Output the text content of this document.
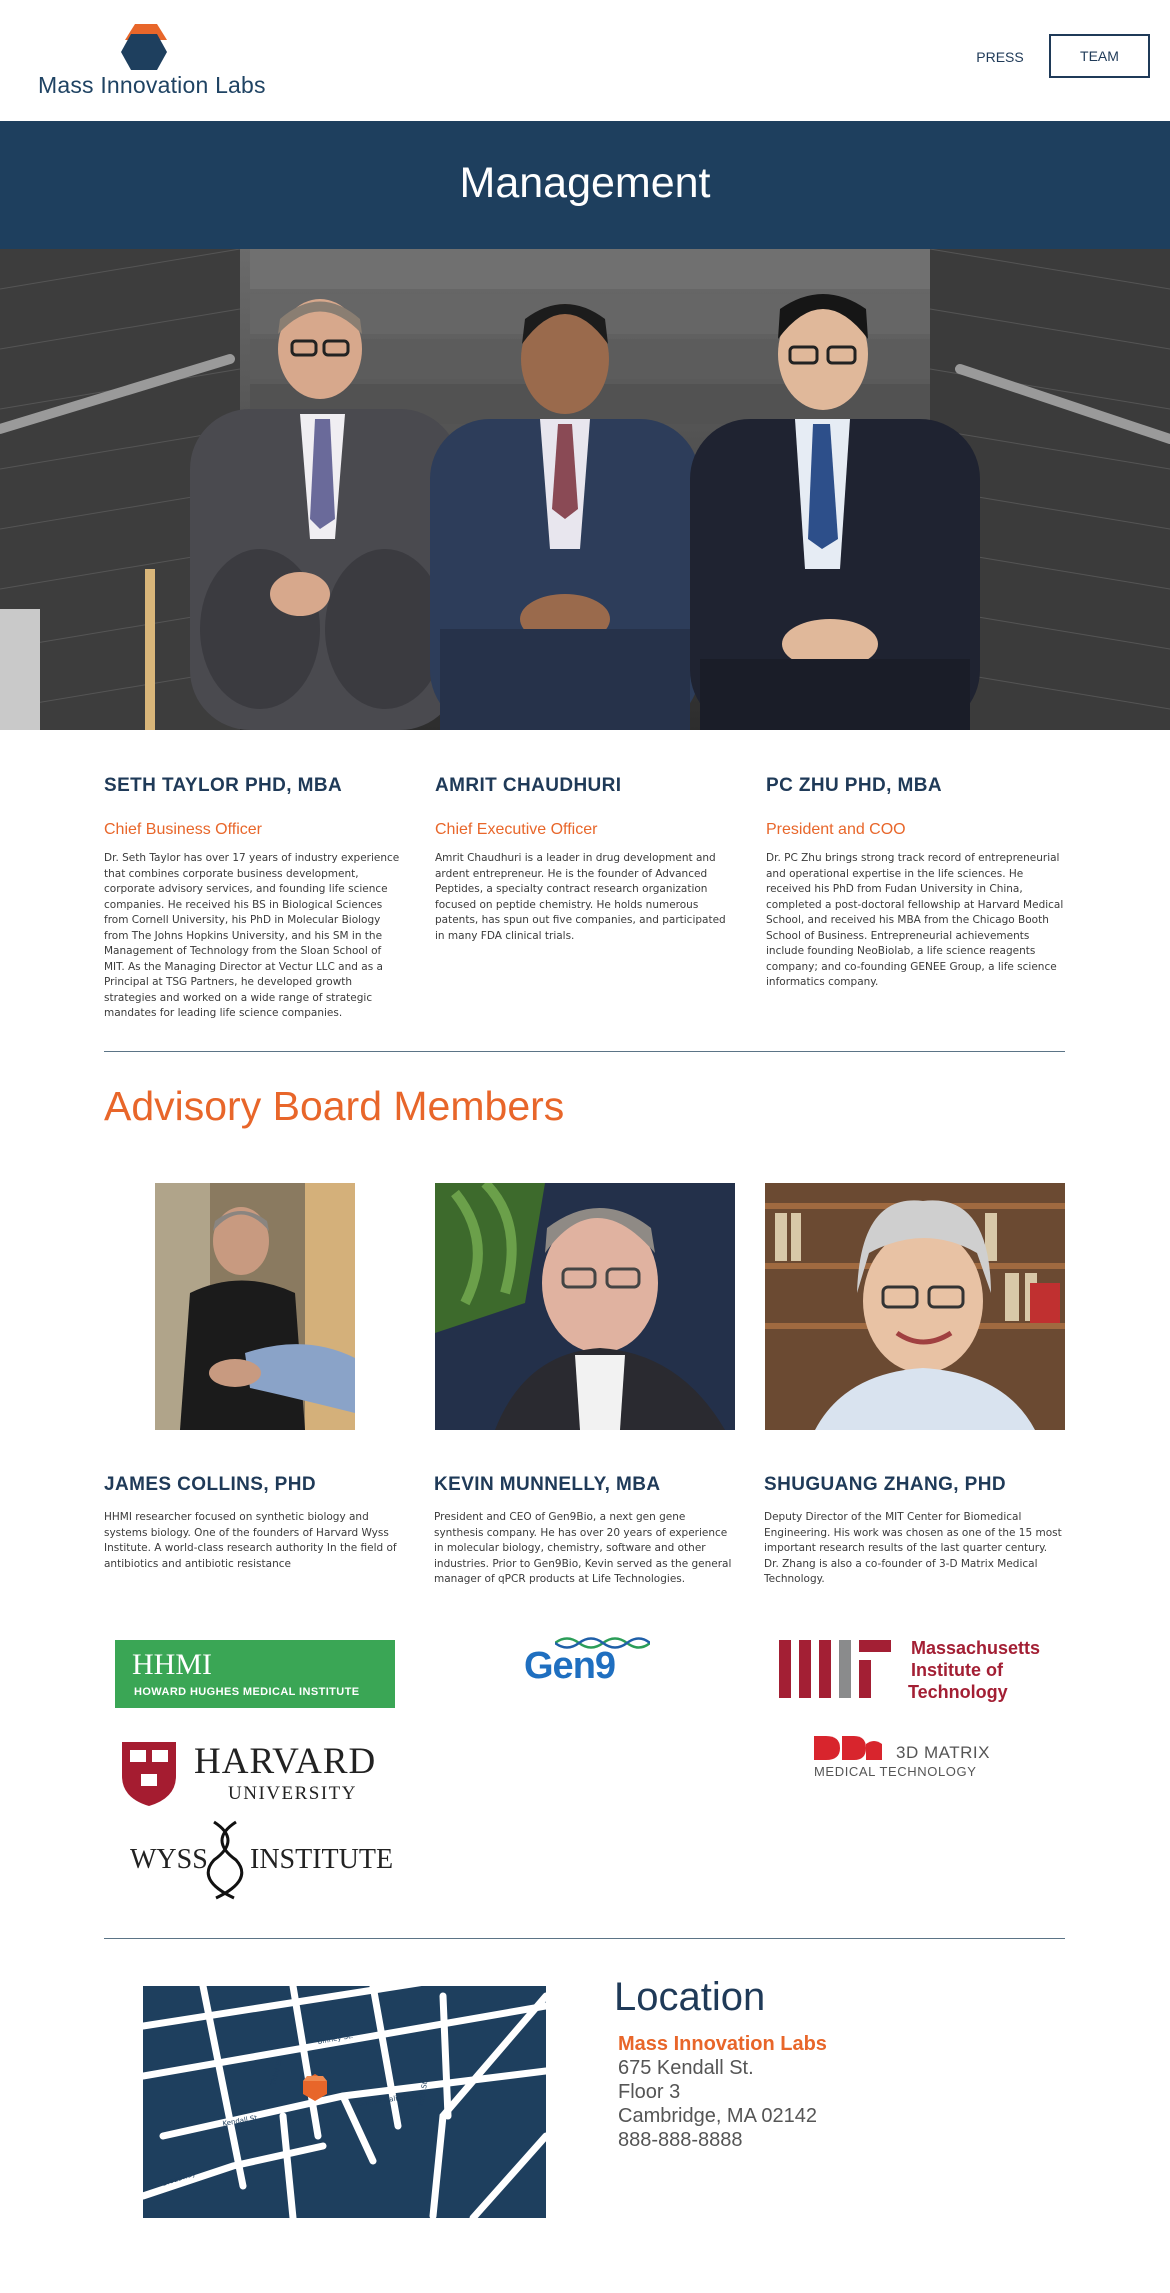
Mass Innovation Labs
PRESS	TEAM
Management
SETH TAYLOR PHD, MBA
Chief Business Officer
Dr. Seth Taylor has over 17 years of industry experience that combines corporate business development, corporate advisory services, and founding life science companies. He received his BS in Biological Sciences from Cornell University, his PhD in Molecular Biology from The Johns Hopkins University, and his SM in the Management of Technology from the Sloan School of MIT. As the Managing Director at Vectur LLC and as a Principal at TSG Partners, he developed growth strategies and worked on a wide range of strategic mandates for leading life science companies.
AMRIT CHAUDHURI
Chief Executive Officer
Amrit Chaudhuri is a leader in drug development and ardent entrepreneur. He is the founder of Advanced Peptides, a specialty contract research organization focused on peptide chemistry. He holds numerous patents, has spun out five companies, and participated in many FDA clinical trials.
PC ZHU PHD, MBA
President and COO
Dr. PC Zhu brings strong track record of entrepreneurial and operational expertise in the life sciences. He received his PhD from Fudan University in China, completed a post-doctoral fellowship at Harvard Medical School, and received his MBA from the Chicago Booth School of Business. Entrepreneurial achievements include founding NeoBiolab, a life science reagents company; and co-founding GENEE Group, a life science informatics company.
Advisory Board Members
JAMES COLLINS, PHD
HHMI researcher focused on synthetic biology and systems biology. One of the founders of Harvard Wyss Institute. A world-class research authority In the field of antibiotics and antibiotic resistance
KEVIN MUNNELLY, MBA
President and CEO of Gen9Bio, a next gen gene synthesis company. He has over 20 years of experience in molecular biology, chemistry, software and other industries. Prior to Gen9Bio, Kevin served as the general manager of qPCR products at Life Technologies.
SHUGUANG ZHANG, PHD
Deputy Director of the MIT Center for Biomedical Engineering. His work was chosen as one of the 15 most important research results of the last quarter century. Dr. Zhang is also a co-founder of 3-D Matrix Medical Technology.
HHMI
HOWARD HUGHES MEDICAL INSTITUTE
HARVARD
UNIVERSITY
WYSS INSTITUTE
Gen9	Massachusetts
Institute of
Technology
3D MATRIX
MEDICAL TECHNOLOGY
Binney St.
Third St.
Kendall St.
Broadway
Galileo Galilei Way
Fifth St.
Location
Mass Innovation Labs
675 Kendall St.
Floor 3
Cambridge, MA 02142
888-888-8888
